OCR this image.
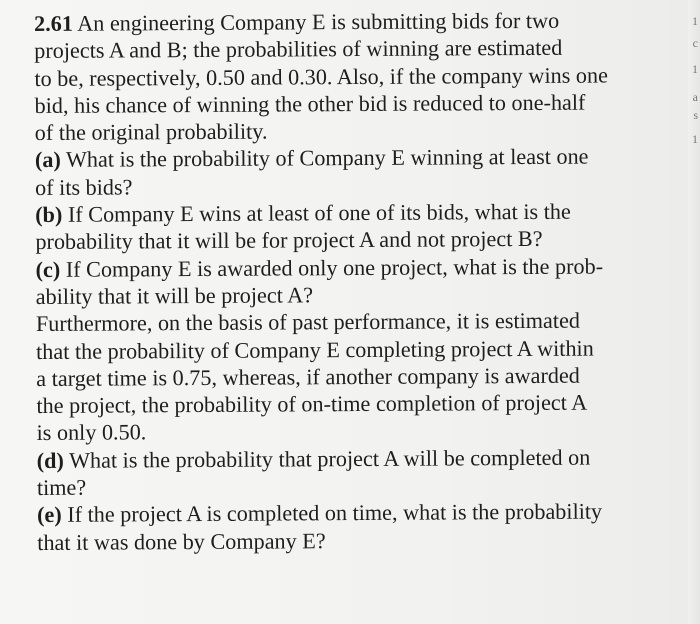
2.61 An engineering Company E is submitting bids for two
projects A and B; the probabilities of winning are estimated
to be, respectively, 0.50 and 0.30. Also, if the company wins one
bid, his chance of winning the other bid is reduced to one-half
of the original probability.
(a) What is the probability of Company E winning at least one
of its bids?
(b) If Company E wins at least of one of its bids, what is the
probability that it will be for project A and not project B?
(c) If Company E is awarded only one project, what is the prob-
ability that it will be project A?
Furthermore, on the basis of past performance, it is estimated
that the probability of Company E completing project A within
a target time is 0.75, whereas, if another company is awarded
the project, the probability of on-time completion of project A
is only 0.50.
(d) What is the probability that project A will be completed on
time?
(e) If the project A is completed on time, what is the probability
that it was done by Company E?
1
c
1
a
s
1
